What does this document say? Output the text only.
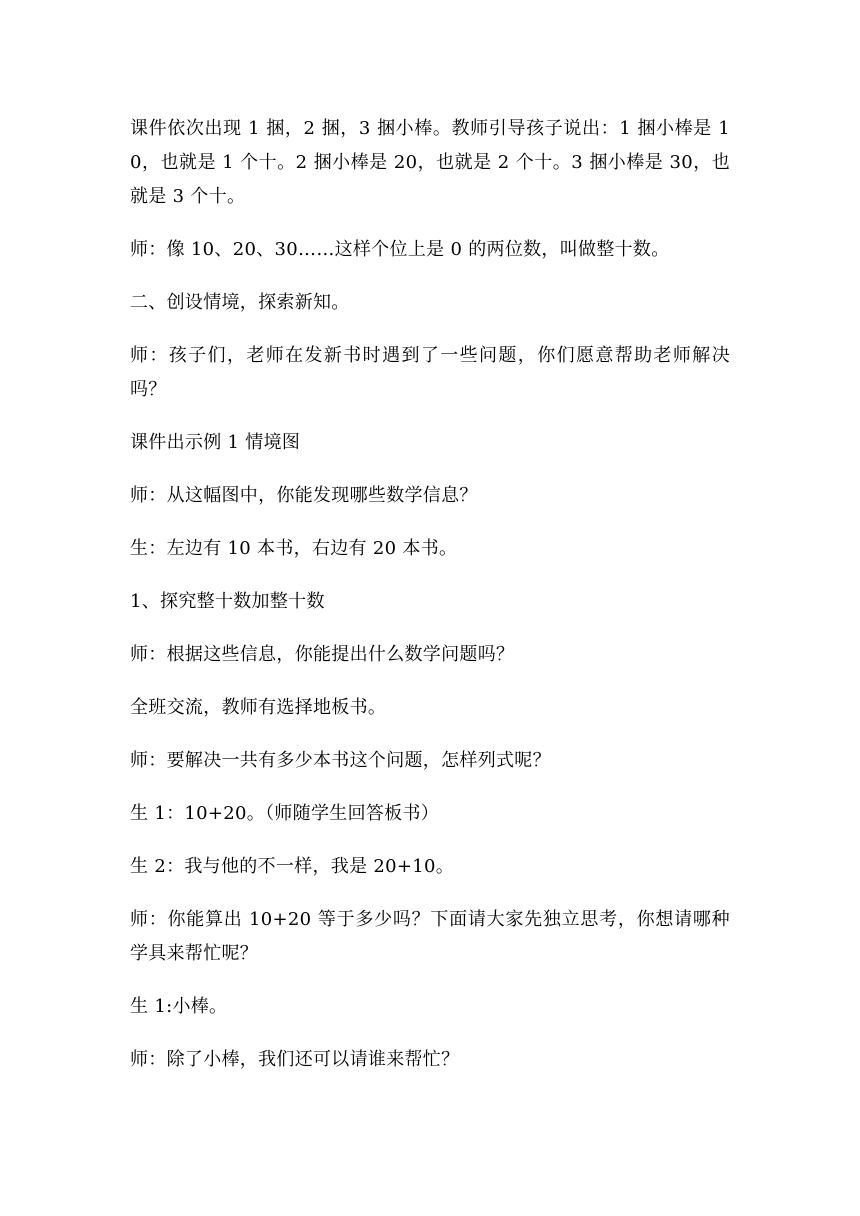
课件依次出现 1 捆，2 捆，3 捆小棒。教师引导孩子说出：1 捆小棒是 10，也就是 1 个十。2 捆小棒是 20，也就是 2 个十。3 捆小棒是 30，也就是 3 个十。

师：像 10、20、30……这样个位上是 0 的两位数，叫做整十数。

二、创设情境，探索新知。

师：孩子们，老师在发新书时遇到了一些问题，你们愿意帮助老师解决吗？

课件出示例 1 情境图

师：从这幅图中，你能发现哪些数学信息？

生：左边有 10 本书，右边有 20 本书。

1、探究整十数加整十数

师：根据这些信息，你能提出什么数学问题吗？

全班交流，教师有选择地板书。

师：要解决一共有多少本书这个问题，怎样列式呢？

生 1：10+20。（师随学生回答板书）

生 2：我与他的不一样，我是 20+10。

师：你能算出 10+20 等于多少吗？下面请大家先独立思考，你想请哪种学具来帮忙呢？

生 1:小棒。

师：除了小棒，我们还可以请谁来帮忙？
